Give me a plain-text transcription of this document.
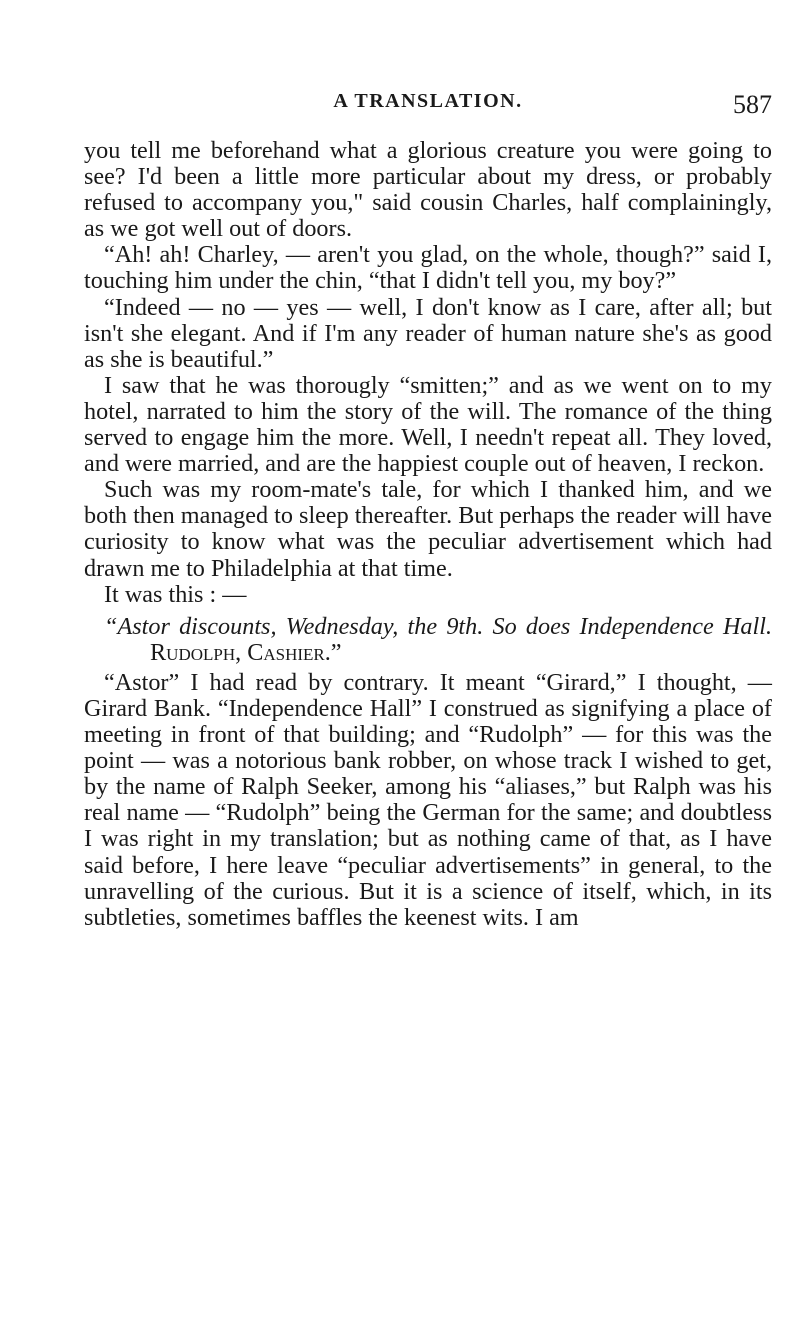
A TRANSLATION.	587

you tell me beforehand what a glorious creature you were going to see? I'd been a little more particular about my dress, or probably refused to accompany you," said cousin Charles, half complainingly, as we got well out of doors.

“Ah! ah! Charley, — aren't you glad, on the whole, though?” said I, touching him under the chin, “that I didn't tell you, my boy?”

“Indeed — no — yes — well, I don't know as I care, after all; but isn't she elegant. And if I'm any reader of human nature she's as good as she is beautiful.”

I saw that he was thorougly “smitten;” and as we went on to my hotel, narrated to him the story of the will. The romance of the thing served to engage him the more. Well, I needn't repeat all. They loved, and were married, and are the happiest couple out of heaven, I reckon.

Such was my room-mate's tale, for which I thanked him, and we both then managed to sleep thereafter. But perhaps the reader will have curiosity to know what was the peculiar advertisement which had drawn me to Philadelphia at that time.

It was this : —

“Astor discounts, Wednesday, the 9th. So does Independence Hall.  Rudolph, Cashier.”

“Astor” I had read by contrary. It meant “Girard,” I thought, — Girard Bank. “Independence Hall” I construed as signifying a place of meeting in front of that building; and “Rudolph” — for this was the point — was a notorious bank robber, on whose track I wished to get, by the name of Ralph Seeker, among his “aliases,” but Ralph was his real name — “Rudolph” being the German for the same; and doubtless I was right in my translation; but as nothing came of that, as I have said before, I here leave “peculiar advertisements” in general, to the unravelling of the curious. But it is a science of itself, which, in its subtleties, sometimes baffles the keenest wits. I am
